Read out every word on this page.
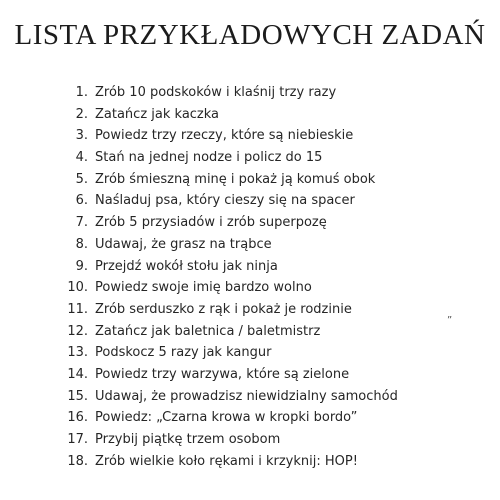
LISTA PRZYKŁADOWYCH ZADAŃ
1. Zrób 10 podskoków i klaśnij trzy razy
2. Zatańcz jak kaczka
3. Powiedz trzy rzeczy, które są niebieskie
4. Stań na jednej nodze i policz do 15
5. Zrób śmieszną minę i pokaż ją komuś obok
6. Naśladuj psa, który cieszy się na spacer
7. Zrób 5 przysiadów i zrób superpozę
8. Udawaj, że grasz na trąbce
9. Przejdź wokół stołu jak ninja
10. Powiedz swoje imię bardzo wolno
11. Zrób serduszko z rąk i pokaż je rodzinie
12. Zatańcz jak baletnica / baletmistrz
13. Podskocz 5 razy jak kangur
14. Powiedz trzy warzywa, które są zielone
15. Udawaj, że prowadzisz niewidzialny samochód
16. Powiedz: „Czarna krowa w kropki bordo”
17. Przybij piątkę trzem osobom
18. Zrób wielkie koło rękami i krzyknij: HOP!
”
